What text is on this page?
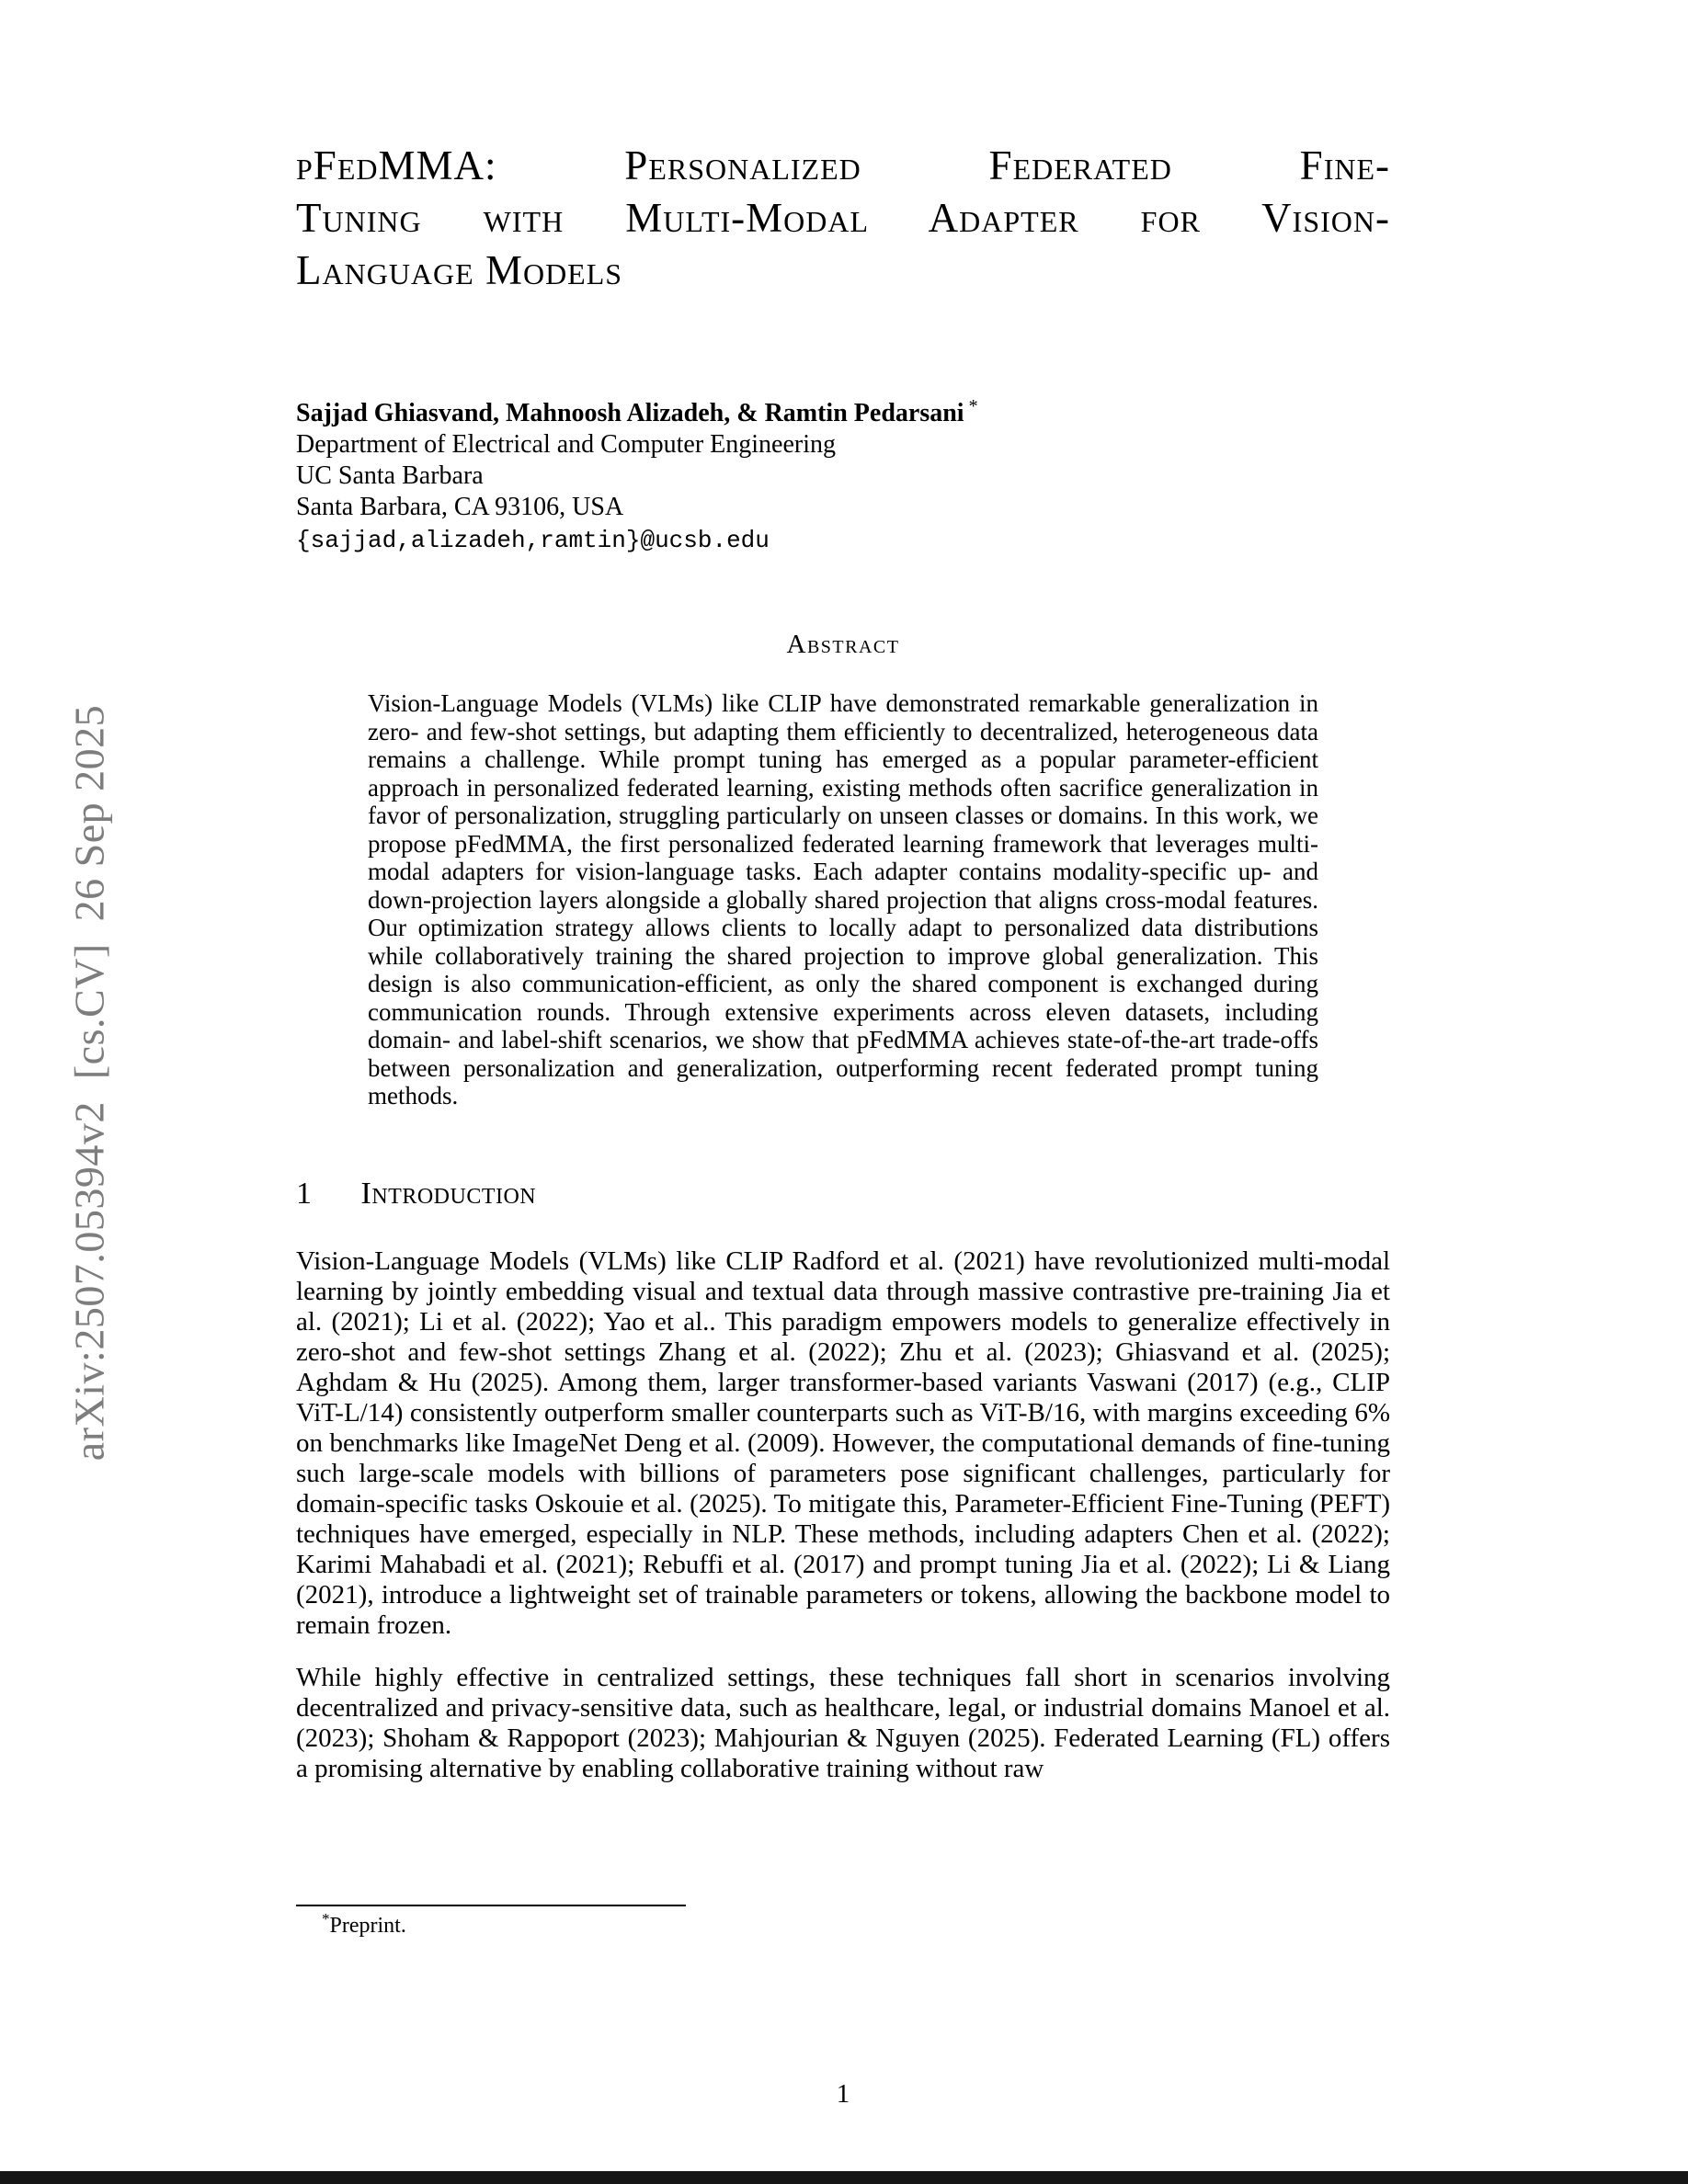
arXiv:2507.05394v2  [cs.CV]  26 Sep 2025
pFedMMA: Personalized Federated Fine-
Tuning with Multi-Modal Adapter for Vision-
Language Models
Sajjad Ghiasvand, Mahnoosh Alizadeh, & Ramtin Pedarsani *
Department of Electrical and Computer Engineering
UC Santa Barbara
Santa Barbara, CA 93106, USA
{sajjad,alizadeh,ramtin}@ucsb.edu
Abstract

Vision-Language Models (VLMs) like CLIP have demonstrated remarkable generalization in zero- and few-shot settings, but adapting them efficiently to decentralized, heterogeneous data remains a challenge. While prompt tuning has emerged as a popular parameter-efficient approach in personalized federated learning, existing methods often sacrifice generalization in favor of personalization, struggling particularly on unseen classes or domains. In this work, we propose pFedMMA, the first personalized federated learning framework that leverages multi-modal adapters for vision-language tasks. Each adapter contains modality-specific up- and down-projection layers alongside a globally shared projection that aligns cross-modal features. Our optimization strategy allows clients to locally adapt to personalized data distributions while collaboratively training the shared projection to improve global generalization. This design is also communication-efficient, as only the shared component is exchanged during communication rounds. Through extensive experiments across eleven datasets, including domain- and label-shift scenarios, we show that pFedMMA achieves state-of-the-art trade-offs between personalization and generalization, outperforming recent federated prompt tuning methods.

1 Introduction

Vision-Language Models (VLMs) like CLIP Radford et al. (2021) have revolutionized multi-modal learning by jointly embedding visual and textual data through massive contrastive pre-training Jia et al. (2021); Li et al. (2022); Yao et al.. This paradigm empowers models to generalize effectively in zero-shot and few-shot settings Zhang et al. (2022); Zhu et al. (2023); Ghiasvand et al. (2025); Aghdam & Hu (2025). Among them, larger transformer-based variants Vaswani (2017) (e.g., CLIP ViT-L/14) consistently outperform smaller counterparts such as ViT-B/16, with margins exceeding 6% on benchmarks like ImageNet Deng et al. (2009). However, the computational demands of fine-tuning such large-scale models with billions of parameters pose significant challenges, particularly for domain-specific tasks Oskouie et al. (2025). To mitigate this, Parameter-Efficient Fine-Tuning (PEFT) techniques have emerged, especially in NLP. These methods, including adapters Chen et al. (2022); Karimi Mahabadi et al. (2021); Rebuffi et al. (2017) and prompt tuning Jia et al. (2022); Li & Liang (2021), introduce a lightweight set of trainable parameters or tokens, allowing the backbone model to remain frozen.

While highly effective in centralized settings, these techniques fall short in scenarios involving decentralized and privacy-sensitive data, such as healthcare, legal, or industrial domains Manoel et al. (2023); Shoham & Rappoport (2023); Mahjourian & Nguyen (2025). Federated Learning (FL) offers a promising alternative by enabling collaborative training without raw

*Preprint.
1
